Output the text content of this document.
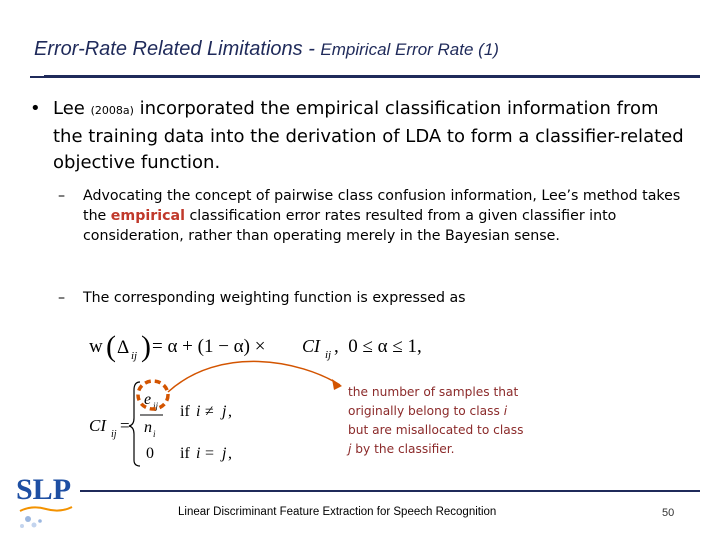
Error-Rate Related Limitations - Empirical Error Rate (1)
• Lee (2008a) incorporated the empirical classification information from the training data into the derivation of LDA to form a classifier-related objective function.
– Advocating the concept of pairwise class confusion information, Lee’s method takes the empirical classification error rates resulted from a given classifier into consideration, rather than operating merely in the Bayesian sense.
– The corresponding weighting function is expressed as
w ( Δ ij ) = α + (1 − α) × CI ij ,  0 ≤ α ≤ 1,
CI ij =
e ij
n i
if i ≠ j ,
0 if i = j ,
the number of samples that
originally belong to class i
but are misallocated to class
j by the classifier.
SLP
Linear Discriminant Feature Extraction for Speech Recognition	50
